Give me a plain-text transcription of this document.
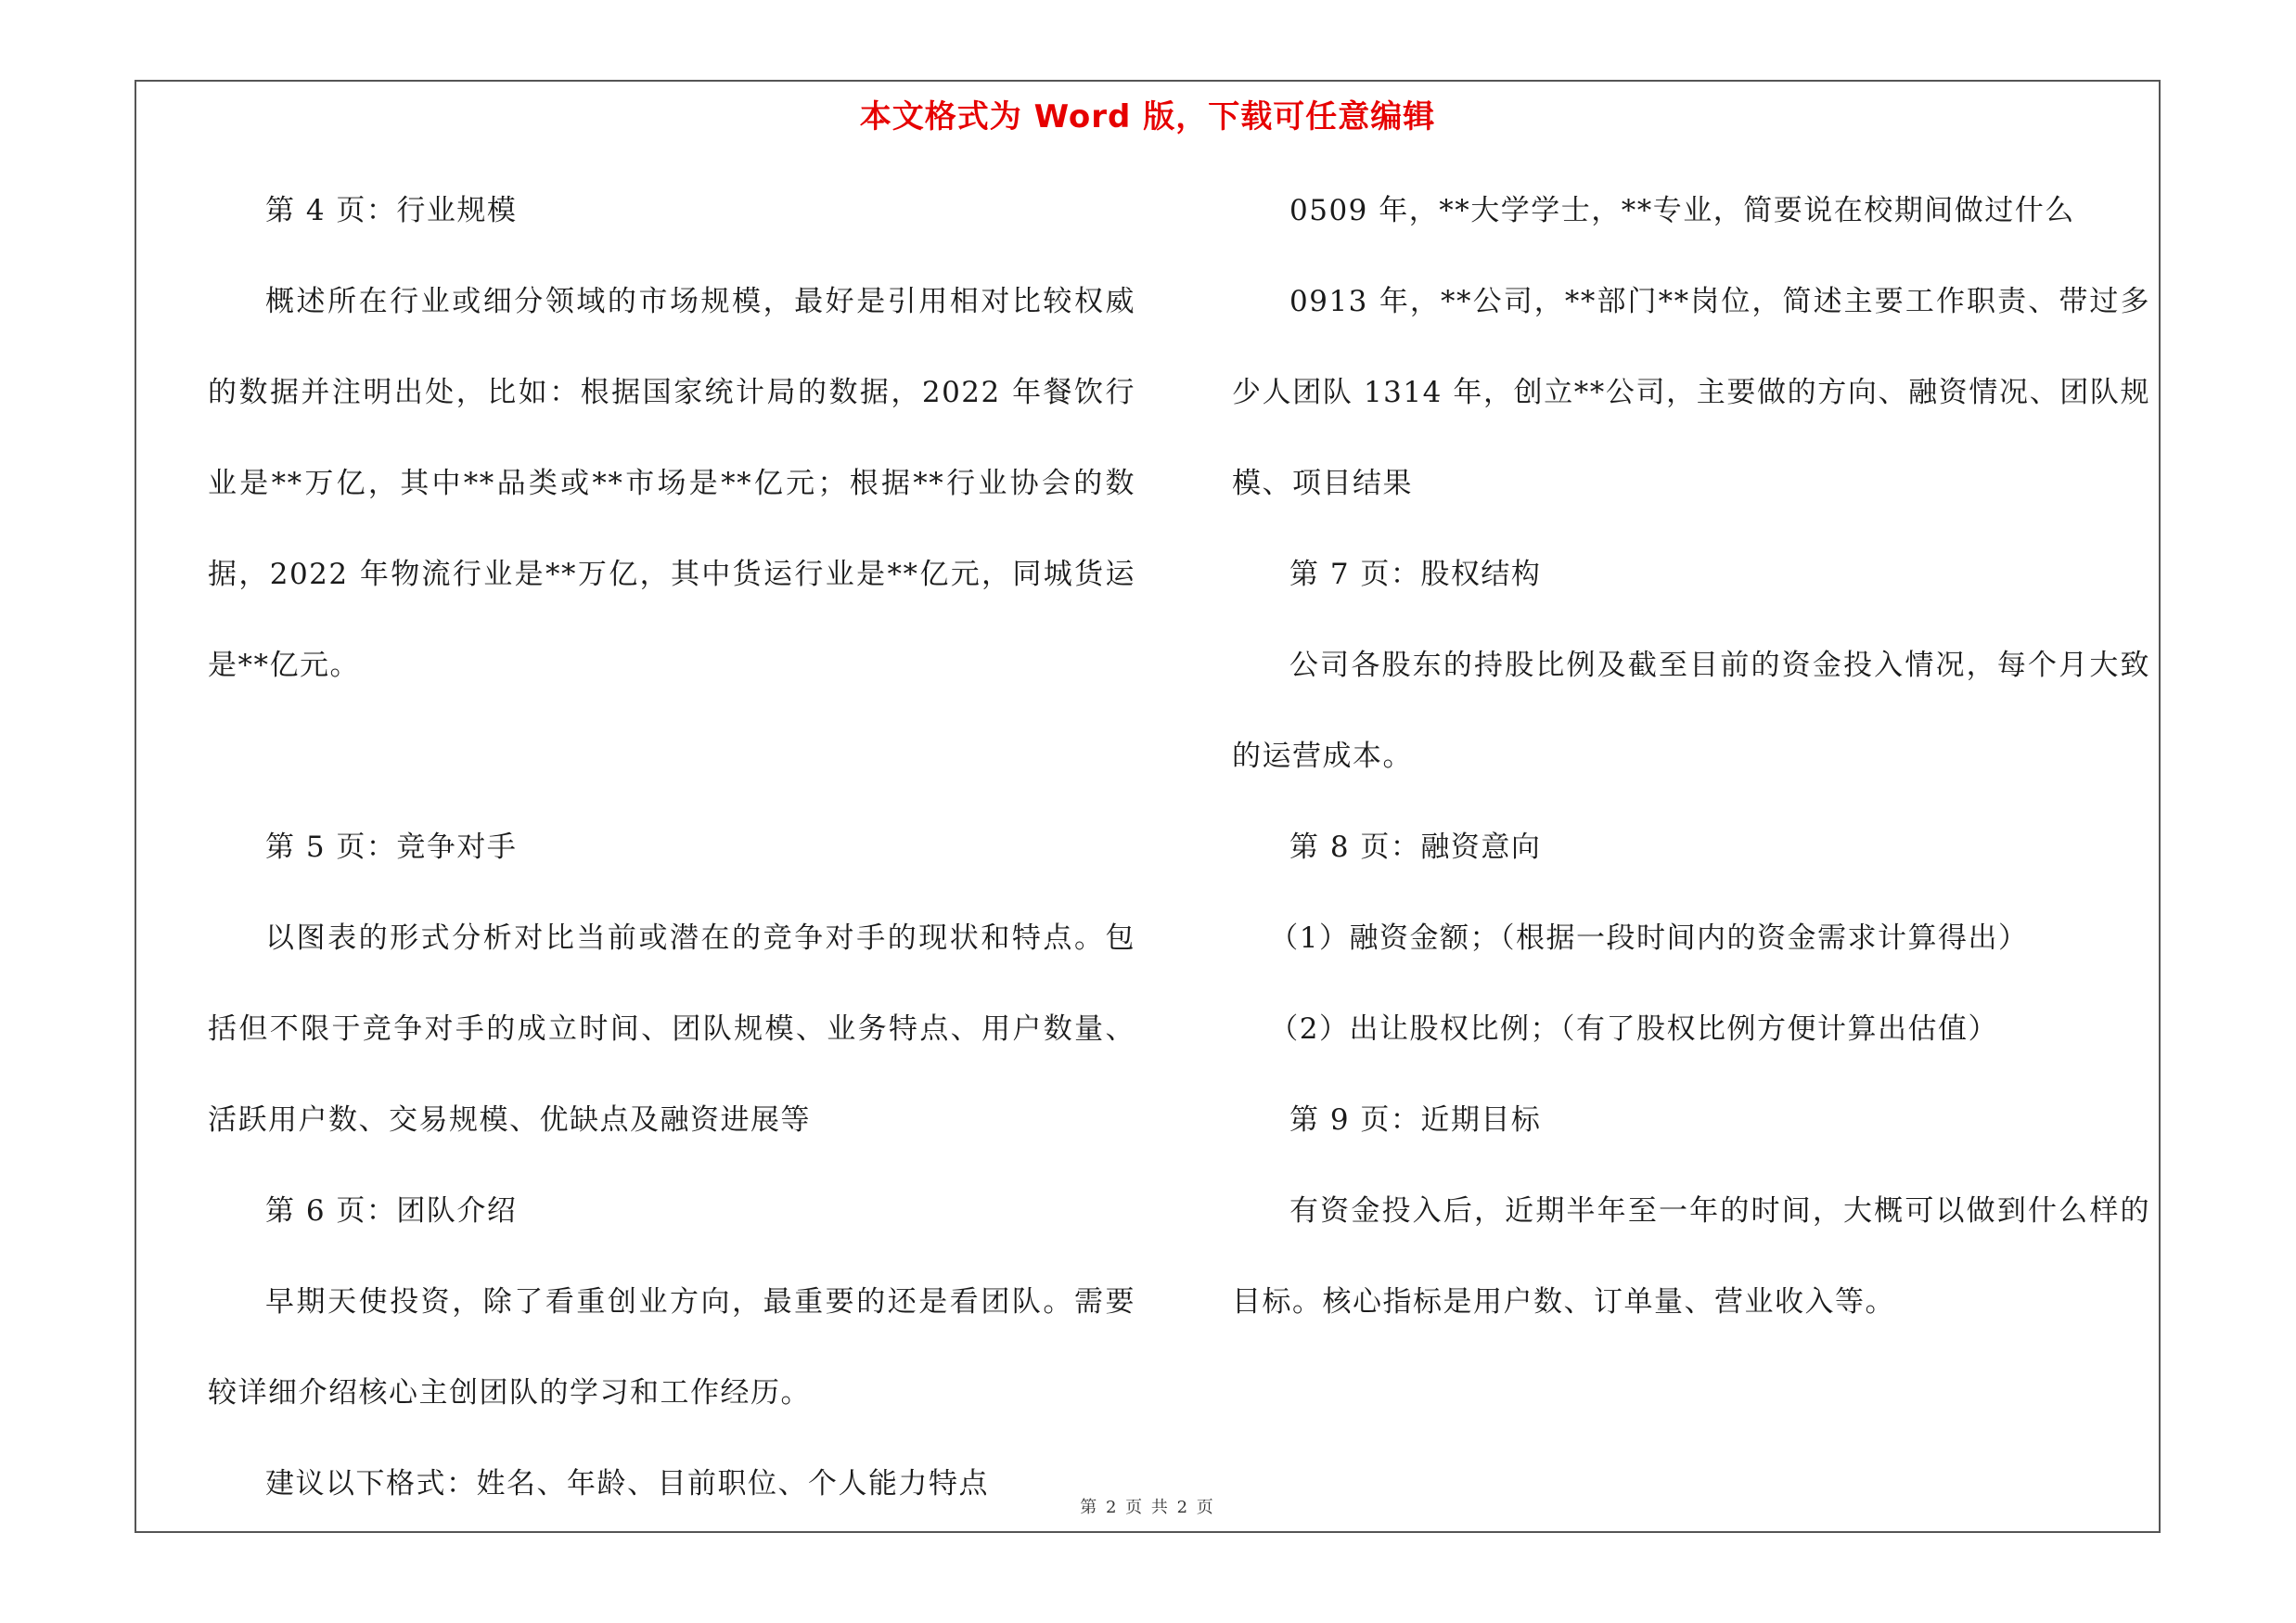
本文格式为 Word 版，下载可任意编辑

第 4 页：行业规模

概述所在行业或细分领域的市场规模，最好是引用相对比较权威的数据并注明出处，比如：根据国家统计局的数据，2022 年餐饮行业是**万亿，其中**品类或**市场是**亿元；根据**行业协会的数据，2022 年物流行业是**万亿，其中货运行业是**亿元，同城货运是**亿元。

第 5 页：竞争对手

以图表的形式分析对比当前或潜在的竞争对手的现状和特点。包括但不限于竞争对手的成立时间、团队规模、业务特点、用户数量、活跃用户数、交易规模、优缺点及融资进展等

第 6 页：团队介绍

早期天使投资，除了看重创业方向，最重要的还是看团队。需要较详细介绍核心主创团队的学习和工作经历。

建议以下格式：姓名、年龄、目前职位、个人能力特点

0509 年，**大学学士，**专业，简要说在校期间做过什么

0913 年，**公司，**部门**岗位，简述主要工作职责、带过多少人团队 1314 年，创立**公司，主要做的方向、融资情况、团队规模、项目结果

第 7 页：股权结构

公司各股东的持股比例及截至目前的资金投入情况，每个月大致的运营成本。

第 8 页：融资意向

（1）融资金额；（根据一段时间内的资金需求计算得出）

（2）出让股权比例；（有了股权比例方便计算出估值）

第 9 页：近期目标

有资金投入后，近期半年至一年的时间，大概可以做到什么样的目标。核心指标是用户数、订单量、营业收入等。

第 2 页 共 2 页
